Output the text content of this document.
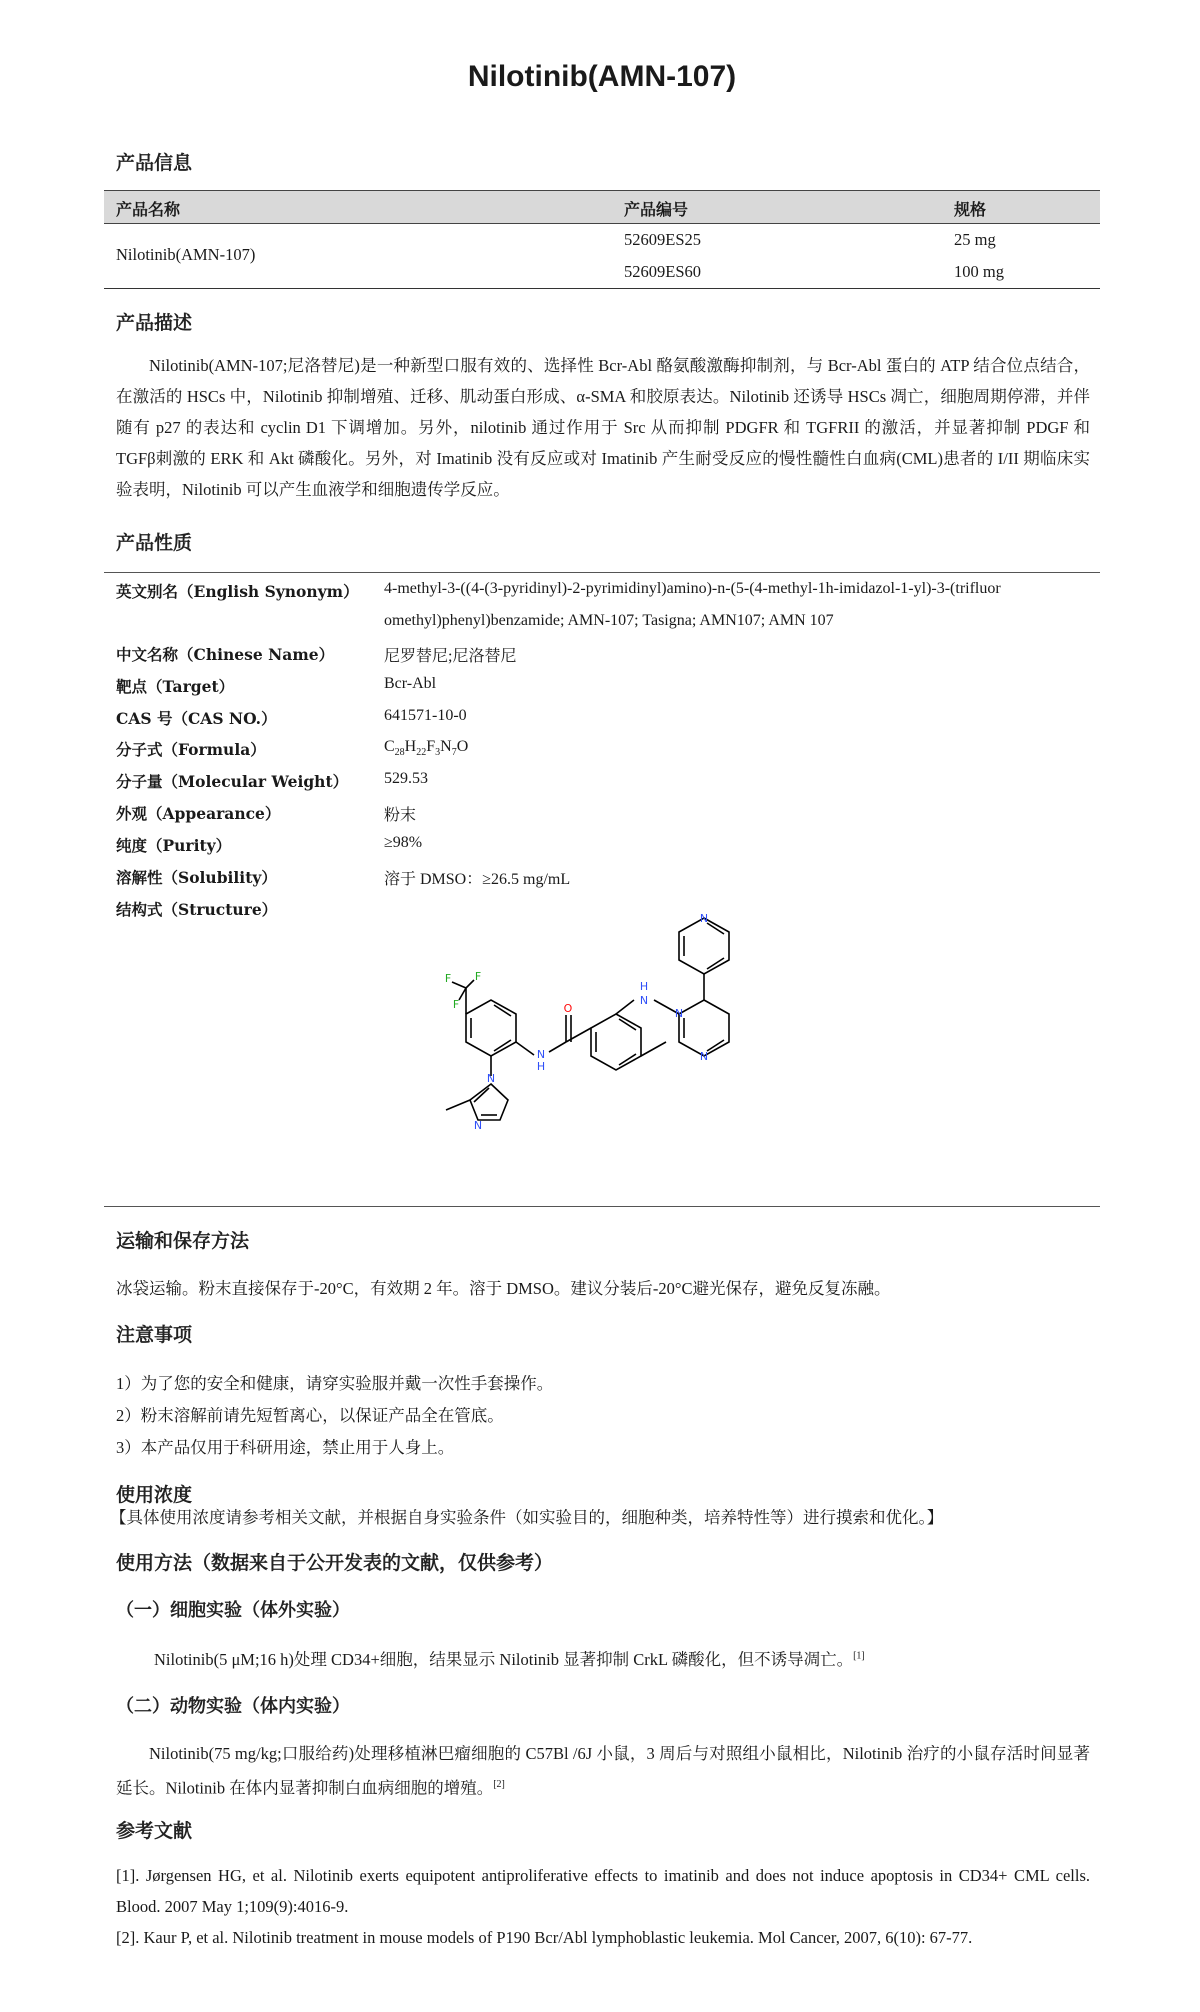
Nilotinib(AMN-107)
产品信息
产品名称	产品编号	规格
Nilotinib(AMN-107)
52609ES25	25 mg
52609ES60	100 mg
产品描述
Nilotinib(AMN-107;尼洛替尼)是一种新型口服有效的、选择性 Bcr-Abl 酪氨酸激酶抑制剂，与 Bcr-Abl 蛋白的 ATP 结合位点结合，在激活的 HSCs 中，Nilotinib 抑制增殖、迁移、肌动蛋白形成、α-SMA 和胶原表达。Nilotinib 还诱导 HSCs 凋亡，细胞周期停滞，并伴随有 p27 的表达和 cyclin D1 下调增加。另外，nilotinib 通过作用于 Src 从而抑制 PDGFR 和 TGFRII 的激活，并显著抑制 PDGF 和 TGFβ刺激的 ERK 和 Akt 磷酸化。另外，对 Imatinib 没有反应或对 Imatinib 产生耐受反应的慢性髓性白血病(CML)患者的 I/II 期临床实验表明，Nilotinib 可以产生血液学和细胞遗传学反应。
产品性质
英文别名（English Synonym） 4-methyl-3-((4-(3-pyridinyl)-2-pyrimidinyl)amino)-n-(5-(4-methyl-1h-imidazol-1-yl)-3-(trifluor
omethyl)phenyl)benzamide; AMN-107; Tasigna; AMN107; AMN 107
中文名称（Chinese Name）	尼罗替尼;尼洛替尼
靶点（Target）	Bcr-Abl
CAS 号（CAS NO.）	641571-10-0
分子式（Formula）	$C_{28}H_{22}F_3N_7O$
分子量（Molecular Weight） 529.53
外观（Appearance）	粉末
纯度（Purity）	≥98%
溶解性（Solubility）	溶于 DMSO：≥26.5 mg/mL
结构式（Structure）	N
N
N
N
O
N
H
H
F
F
F
N
N
运输和保存方法
冰袋运输。粉末直接保存于-20°C，有效期 2 年。溶于 DMSO。建议分装后-20°C避光保存，避免反复冻融。
注意事项
1）为了您的安全和健康，请穿实验服并戴一次性手套操作。
2）粉末溶解前请先短暂离心，以保证产品全在管底。
3）本产品仅用于科研用途，禁止用于人身上。
使用浓度
【具体使用浓度请参考相关文献，并根据自身实验条件（如实验目的，细胞种类，培养特性等）进行摸索和优化。】
使用方法（数据来自于公开发表的文献，仅供参考）
（一）细胞实验（体外实验）
Nilotinib(5 μM;16 h)处理 CD34+细胞，结果显示 Nilotinib 显著抑制 CrkL 磷酸化，但不诱导凋亡。[1]
（二）动物实验（体内实验）
Nilotinib(75 mg/kg;口服给药)处理移植淋巴瘤细胞的 C57Bl /6J 小鼠，3 周后与对照组小鼠相比，Nilotinib 治疗的小鼠存活时间显著延长。Nilotinib 在体内显著抑制白血病细胞的增殖。[2]
参考文献
[1]. Jørgensen HG, et al. Nilotinib exerts equipotent antiproliferative effects to imatinib and does not induce apoptosis in CD34+ CML cells. Blood. 2007 May 1;109(9):4016-9.
[2]. Kaur P, et al. Nilotinib treatment in mouse models of P190 Bcr/Abl lymphoblastic leukemia. Mol Cancer, 2007, 6(10): 67-77.
